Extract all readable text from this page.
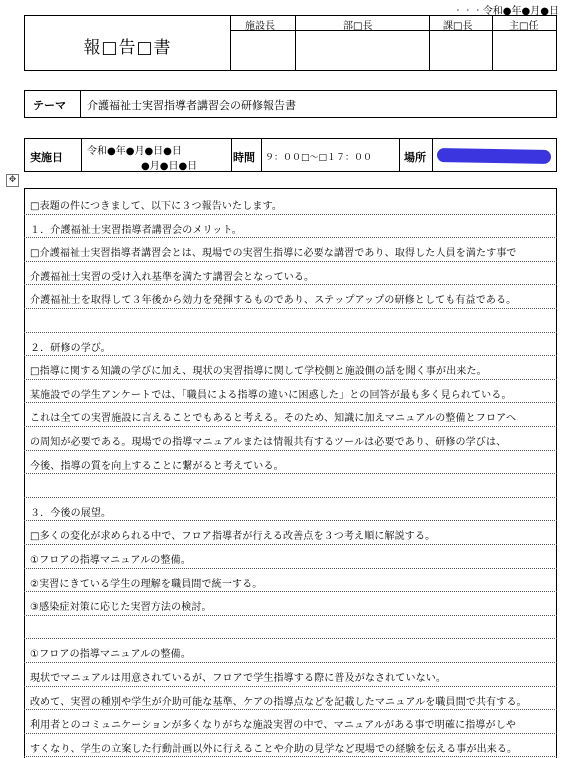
・・・令和●年●月●日
報□告□書
施設長	部□長	課□長	主□任
テーマ 介護福祉士実習指導者講習会の研修報告書
実施日 令和●年●月●日●日
●月●日●日
時間 ９：００□～□１７：００	場所
✥
□表題の件につきまして、以下に３つ報告いたします。
１．介護福祉士実習指導者講習会のメリット。
□介護福祉士実習指導者講習会とは、現場での実習生指導に必要な講習であり、取得した人員を満たす事で
介護福祉士実習の受け入れ基準を満たす講習会となっている。
介護福祉士を取得して３年後から効力を発揮するものであり、ステップアップの研修としても有益である。
２．研修の学び。
□指導に関する知識の学びに加え、現状の実習指導に関して学校側と施設側の話を聞く事が出来た。
某施設での学生アンケートでは、「職員による指導の違いに困惑した」との回答が最も多く見られている。
これは全ての実習施設に言えることでもあると考える。そのため、知識に加えマニュアルの整備とフロアへ
の周知が必要である。現場での指導マニュアルまたは情報共有するツールは必要であり、研修の学びは、
今後、指導の質を向上することに繋がると考えている。
３．今後の展望。
□多くの変化が求められる中で、フロア指導者が行える改善点を３つ考え順に解説する。
①フロアの指導マニュアルの整備。
②実習にきている学生の理解を職員間で統一する。
③感染症対策に応じた実習方法の検討。
①フロアの指導マニュアルの整備。
現状でマニュアルは用意されているが、フロアで学生指導する際に普及がなされていない。
改めて、実習の種別や学生が介助可能な基準、ケアの指導点などを記載したマニュアルを職員間で共有する。
利用者とのコミュニケーションが多くなりがちな施設実習の中で、マニュアルがある事で明確に指導がしや
すくなり、学生の立案した行動計画以外に行えることや介助の見学など現場での経験を伝える事が出来る。
